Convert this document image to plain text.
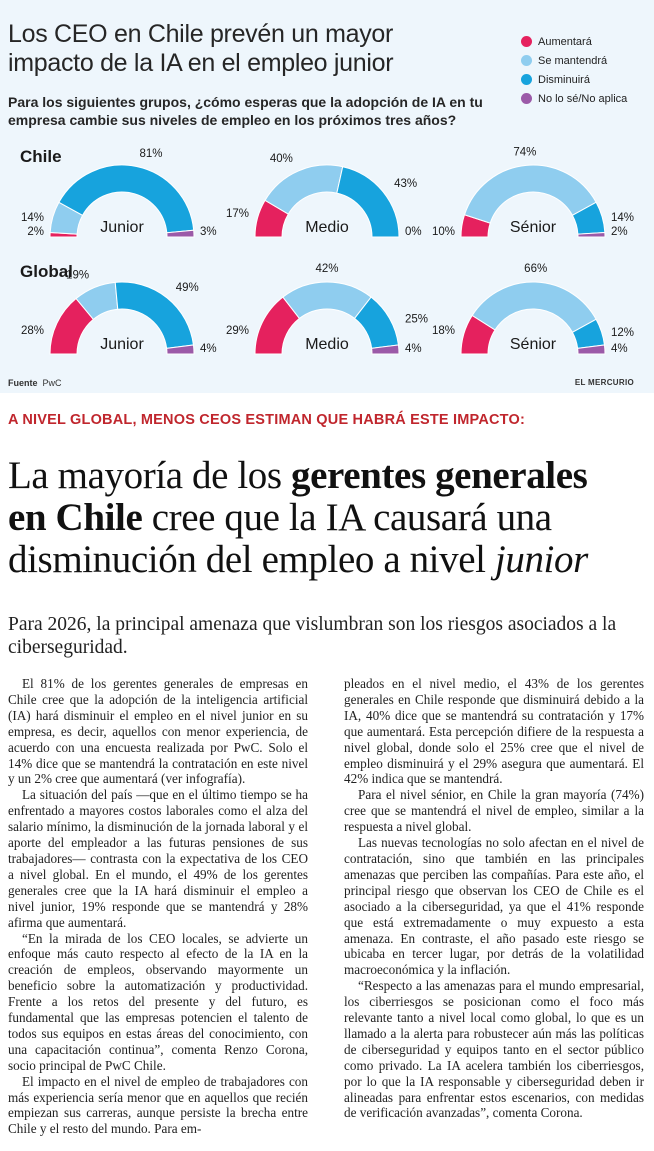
Los CEO en Chile prevén un mayor impacto de la IA en el empleo junior
Para los siguientes grupos, ¿cómo esperas que la adopción de IA en tu empresa cambie sus niveles de empleo en los próximos tres años?
Aumentará
Se mantendrá
Disminuirá
No lo sé/No aplica
Chile
Global
2%
14%
81%
3%
Junior
17%
40%
43%
0%
Medio	10%
74%
14%
2%
Sénior
28%
19%
49%
4%
Junior
29%
42%
25%
4%
Medio
18%
66%
12%
4%
Sénior
Fuente PwC	EL MERCURIO
A NIVEL GLOBAL, MENOS CEOS ESTIMAN QUE HABRÁ ESTE IMPACTO:
La mayoría de los gerentes generales
en Chile cree que la IA causará una disminución del empleo a nivel junior
Para 2026, la principal amenaza que vislumbran son los riesgos asociados a la ciberseguridad.

El 81% de los gerentes generales de empresas en Chile cree que la adopción de la inteligencia artificial (IA) hará disminuir el empleo en el nivel junior en su empresa, es decir, aquellos con menor experiencia, de acuerdo con una encuesta realizada por PwC. Solo el 14% dice que se mantendrá la contratación en este nivel y un 2% cree que aumentará (ver infografía).

La situación del país —que en el último tiempo se ha enfrentado a mayores costos laborales como el alza del salario mínimo, la disminución de la jornada laboral y el aporte del empleador a las futuras pensiones de sus trabajadores— contrasta con la expectativa de los CEO a nivel global. En el mundo, el 49% de los gerentes generales cree que la IA hará disminuir el empleo a nivel junior, 19% responde que se mantendrá y 28% afirma que aumentará.

“En la mirada de los CEO locales, se advierte un enfoque más cauto respecto al efecto de la IA en la creación de empleos, observando mayormente un beneficio sobre la automatización y productividad. Frente a los retos del presente y del futuro, es fundamental que las empresas potencien el talento de todos sus equipos en estas áreas del conocimiento, con una capacitación continua”, comenta Renzo Corona, socio principal de PwC Chile.

El impacto en el nivel de empleo de trabajadores con más experiencia sería menor que en aquellos que recién empiezan sus carreras, aunque persiste la brecha entre Chile y el resto del mundo. Para em-

pleados en el nivel medio, el 43% de los gerentes generales en Chile responde que disminuirá debido a la IA, 40% dice que se mantendrá su contratación y 17% que aumentará. Esta percepción difiere de la respuesta a nivel global, donde solo el 25% cree que el nivel de empleo disminuirá y el 29% asegura que aumentará. El 42% indica que se mantendrá.

Para el nivel sénior, en Chile la gran mayoría (74%) cree que se mantendrá el nivel de empleo, similar a la respuesta a nivel global.

Las nuevas tecnologías no solo afectan en el nivel de contratación, sino que también en las principales amenazas que perciben las compañías. Para este año, el principal riesgo que observan los CEO de Chile es el asociado a la ciberseguridad, ya que el 41% responde que está extremadamente o muy expuesto a esta amenaza. En contraste, el año pasado este riesgo se ubicaba en tercer lugar, por detrás de la volatilidad macroeconómica y la inflación.

“Respecto a las amenazas para el mundo empresarial, los ciberriesgos se posicionan como el foco más relevante tanto a nivel local como global, lo que es un llamado a la alerta para robustecer aún más las políticas de ciberseguridad y equipos tanto en el sector público como privado. La IA acelera también los ciberriesgos, por lo que la IA responsable y ciberseguridad deben ir alineadas para enfrentar estos escenarios, con medidas de verificación avanzadas”, comenta Corona.
